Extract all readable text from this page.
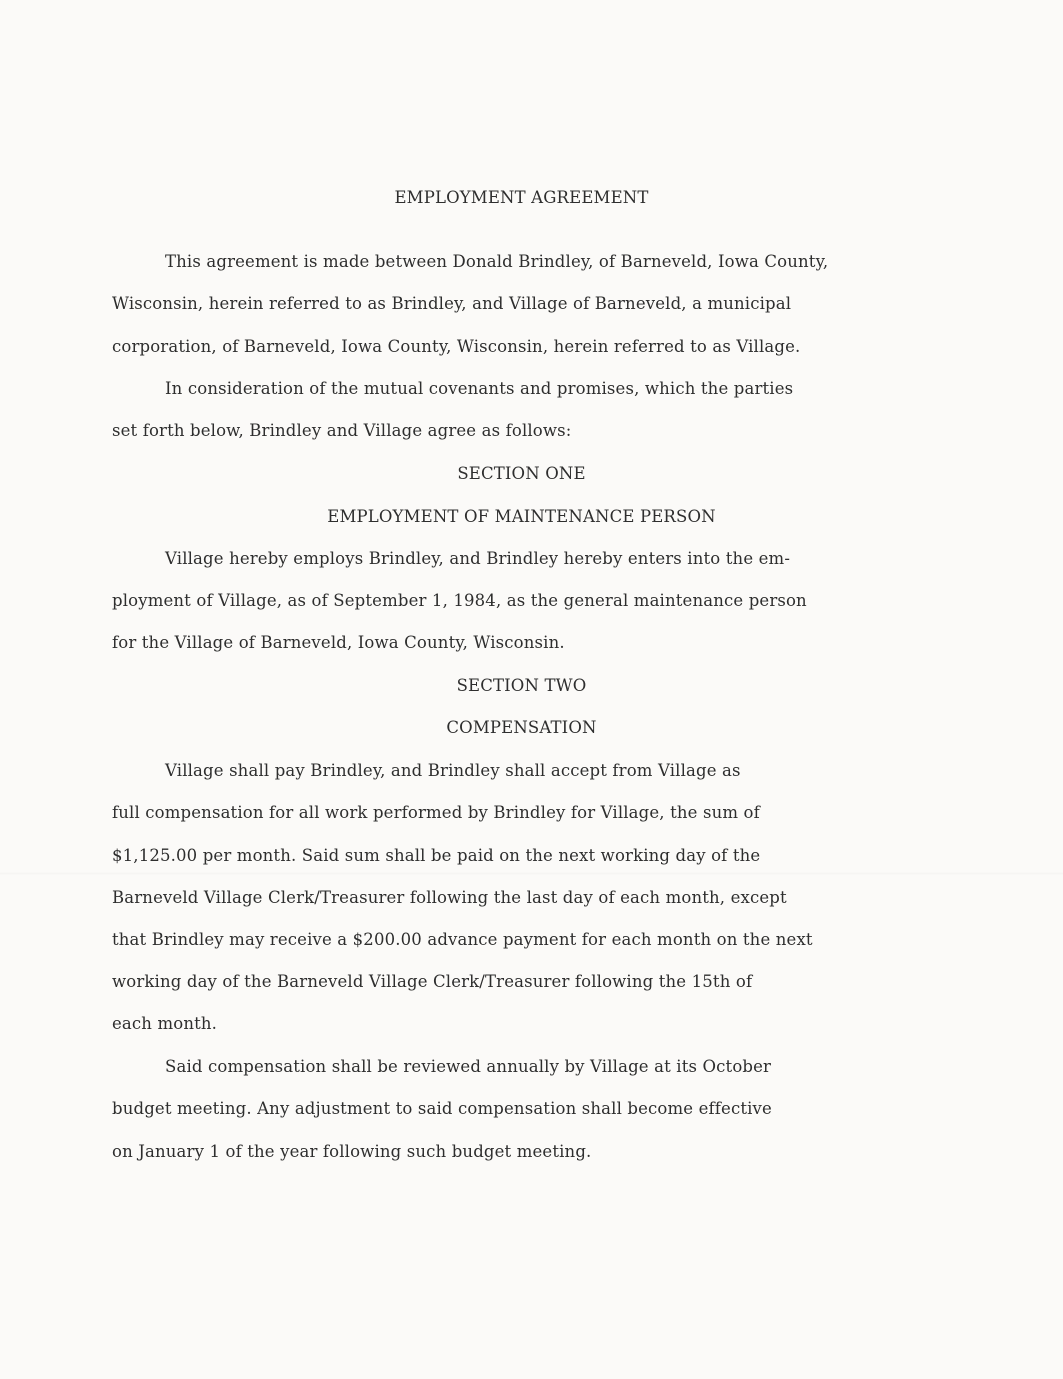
EMPLOYMENT AGREEMENT
This agreement is made between Donald Brindley, of Barneveld, Iowa County,
Wisconsin, herein referred to as Brindley, and Village of Barneveld, a municipal
corporation, of Barneveld, Iowa County, Wisconsin, herein referred to as Village.
In consideration of the mutual covenants and promises, which the parties
set forth below, Brindley and Village agree as follows:
SECTION ONE
EMPLOYMENT OF MAINTENANCE PERSON
Village hereby employs Brindley, and Brindley hereby enters into the em-
ployment of Village, as of September 1, 1984, as the general maintenance person
for the Village of Barneveld, Iowa County, Wisconsin.
SECTION TWO
COMPENSATION
Village shall pay Brindley, and Brindley shall accept from Village as
full compensation for all work performed by Brindley for Village, the sum of
$1,125.00 per month. Said sum shall be paid on the next working day of the
Barneveld Village Clerk/Treasurer following the last day of each month, except
that Brindley may receive a $200.00 advance payment for each month on the next
working day of the Barneveld Village Clerk/Treasurer following the 15th of
each month.
Said compensation shall be reviewed annually by Village at its October
budget meeting. Any adjustment to said compensation shall become effective
on January 1 of the year following such budget meeting.
